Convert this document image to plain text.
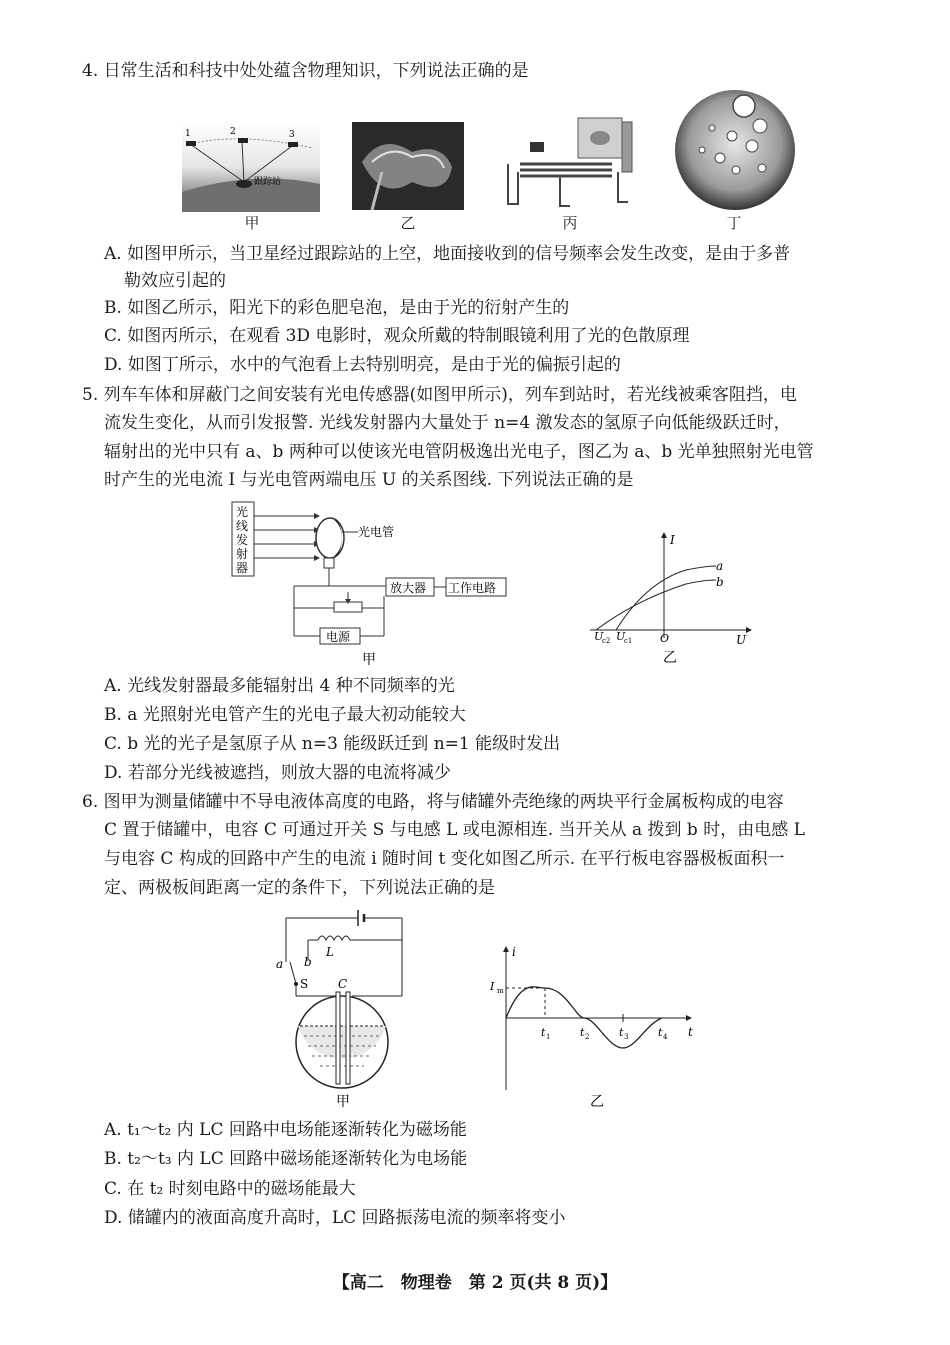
4. 日常生活和科技中处处蕴含物理知识，下列说法正确的是
1	2	3
跟踪站
甲	乙	丙	丁
A. 如图甲所示，当卫星经过跟踪站的上空，地面接收到的信号频率会发生改变，是由于多普
勒效应引起的
B. 如图乙所示，阳光下的彩色肥皂泡，是由于光的衍射产生的
C. 如图丙所示，在观看 3D 电影时，观众所戴的特制眼镜利用了光的色散原理
D. 如图丁所示，水中的气泡看上去特别明亮，是由于光的偏振引起的
5. 列车车体和屏蔽门之间安装有光电传感器(如图甲所示)，列车到站时，若光线被乘客阻挡，电
流发生变化，从而引发报警. 光线发射器内大量处于 n=4 激发态的氢原子向低能级跃迁时，
辐射出的光中只有 a、b 两种可以使该光电管阴极逸出光电子，图乙为 a、b 光单独照射光电管
时产生的光电流 I 与光电管两端电压 U 的关系图线. 下列说法正确的是
光
线
发
射
器
光电管
放大器 工作电路
电源
甲
I
U
O
a
b
U
c2 U
c1
乙
A. 光线发射器最多能辐射出 4 种不同频率的光
B. a 光照射光电管产生的光电子最大初动能较大
C. b 光的光子是氢原子从 n=3 能级跃迁到 n=1 能级时发出
D. 若部分光线被遮挡，则放大器的电流将减少
6. 图甲为测量储罐中不导电液体高度的电路，将与储罐外壳绝缘的两块平行金属板构成的电容
C 置于储罐中，电容 C 可通过开关 S 与电感 L 或电源相连. 当开关从 a 拨到 b 时，由电感 L
与电容 C 构成的回路中产生的电流 i 随时间 t 变化如图乙所示. 在平行板电容器极板面积一
定、两极板间距离一定的条件下，下列说法正确的是
L
a b
S C
甲
i
t
I m
t 1	t 2	t 3	t 4
乙
A. t₁～t₂ 内 LC 回路中电场能逐渐转化为磁场能
B. t₂～t₃ 内 LC 回路中磁场能逐渐转化为电场能
C. 在 t₂ 时刻电路中的磁场能最大
D. 储罐内的液面高度升高时，LC 回路振荡电流的频率将变小
【高二　物理卷　第 2 页(共 8 页)】
